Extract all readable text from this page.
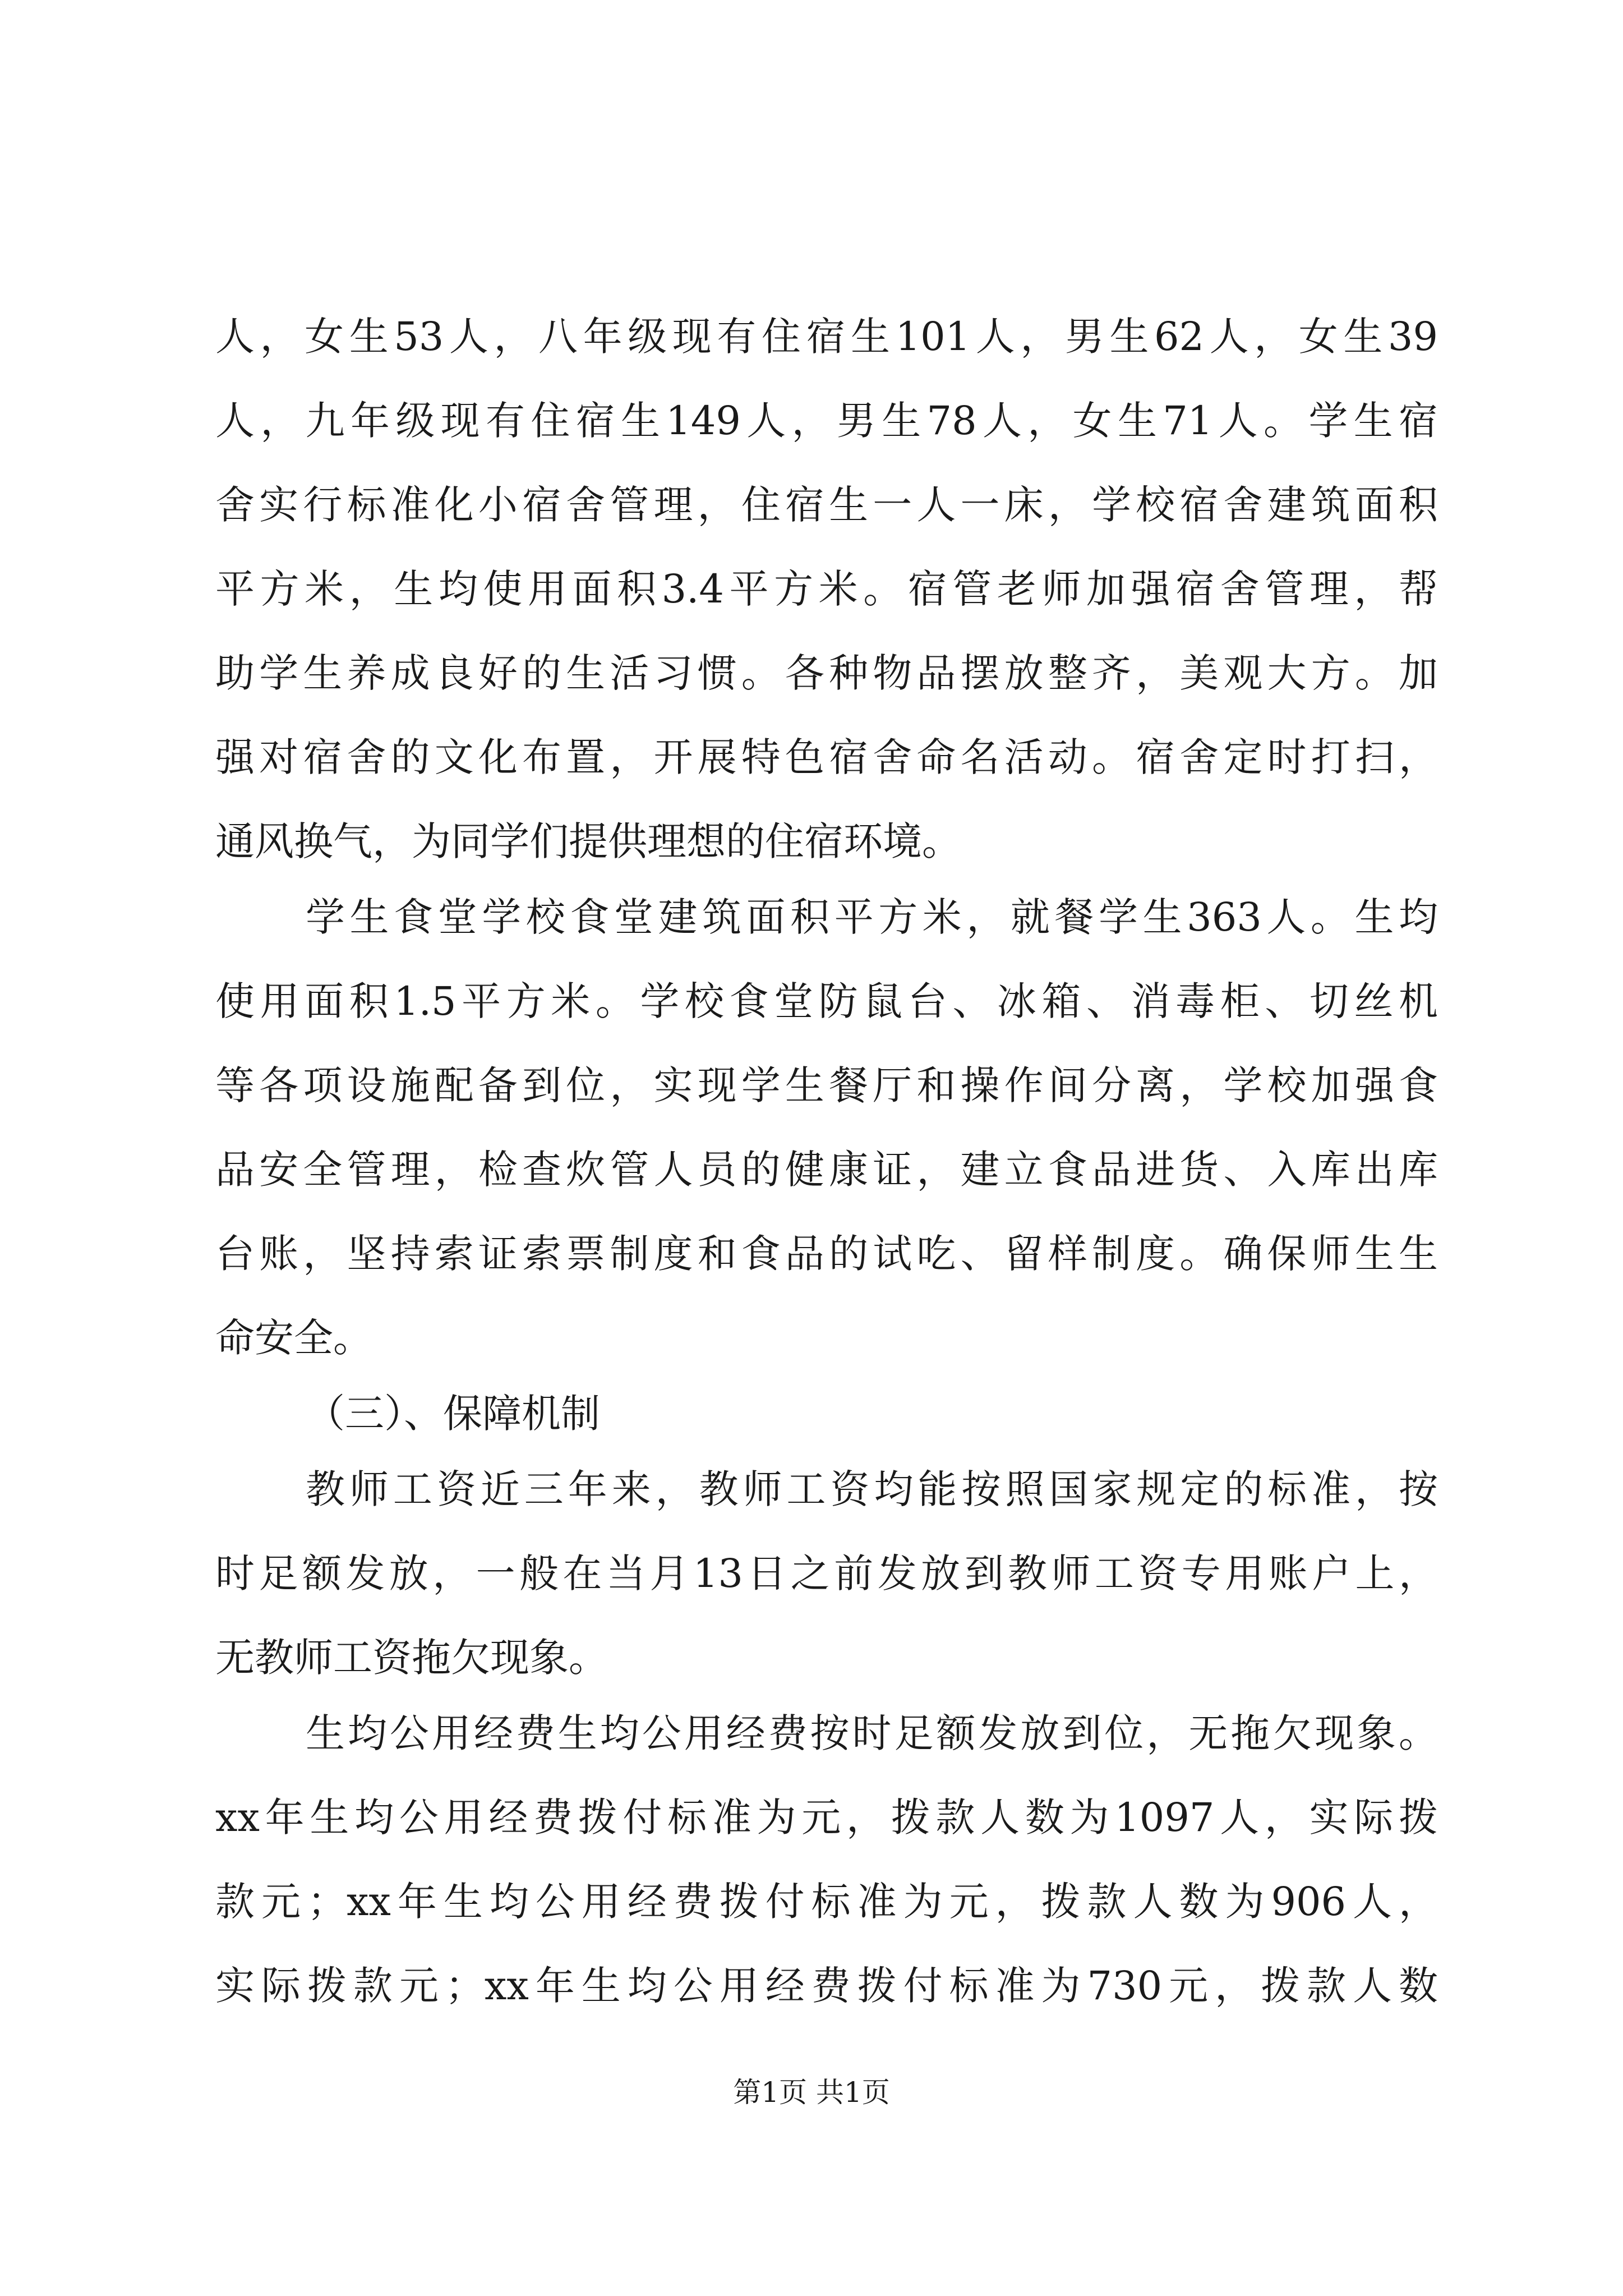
人，女生53人，八年级现有住宿生101人，男生62人，女生39
人，九年级现有住宿生149人，男生78人，女生71人。学生宿
舍实行标准化小宿舍管理，住宿生一人一床，学校宿舍建筑面积
平方米，生均使用面积3.4平方米。宿管老师加强宿舍管理，帮
助学生养成良好的生活习惯。各种物品摆放整齐，美观大方。加
强对宿舍的文化布置，开展特色宿舍命名活动。宿舍定时打扫，
通风换气，为同学们提供理想的住宿环境。
学生食堂学校食堂建筑面积平方米，就餐学生363人。生均
使用面积1.5平方米。学校食堂防鼠台、冰箱、消毒柜、切丝机
等各项设施配备到位，实现学生餐厅和操作间分离，学校加强食
品安全管理，检查炊管人员的健康证，建立食品进货、入库出库
台账，坚持索证索票制度和食品的试吃、留样制度。确保师生生
命安全。
（三）、保障机制
教师工资近三年来，教师工资均能按照国家规定的标准，按
时足额发放，一般在当月13日之前发放到教师工资专用账户上，
无教师工资拖欠现象。
生均公用经费生均公用经费按时足额发放到位，无拖欠现象。
xx年生均公用经费拨付标准为元，拨款人数为1097人，实际拨
款元；xx年生均公用经费拨付标准为元，拨款人数为906人，
实际拨款元；xx年生均公用经费拨付标准为730元，拨款人数
第1页 共1页
